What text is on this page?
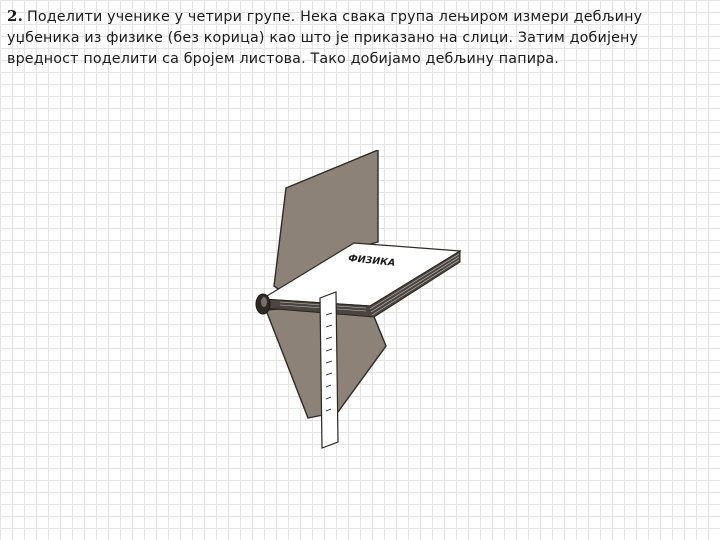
2. Поделити ученике у четири групе. Нека свака група лењиром измери дебљину уџбеника из физике (без корица) као што је приказано на слици. Затим добијену вредност поделити са бројем листова. Тако добијамо дебљину папира.

ФИЗИКА
